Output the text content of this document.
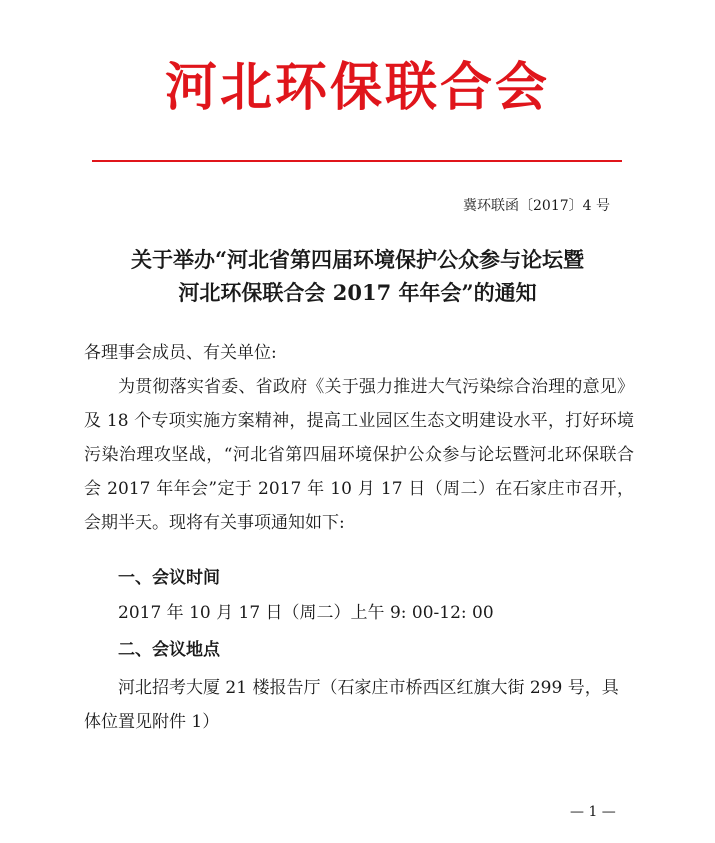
河北环保联合会
冀环联函〔2017〕4 号
关于举办“河北省第四届环境保护公众参与论坛暨
河北环保联合会 2017 年年会”的通知
各理事会成员、有关单位:
为贯彻落实省委、省政府《关于强力推进大气污染综合治理的意见》及 18 个专项实施方案精神，提高工业园区生态文明建设水平，打好环境污染治理攻坚战，“河北省第四届环境保护公众参与论坛暨河北环保联合会 2017 年年会”定于 2017 年 10 月 17 日（周二）在石家庄市召开，会期半天。现将有关事项通知如下:
一、会议时间
2017 年 10 月 17 日（周二）上午 9: 00-12: 00
二、会议地点
河北招考大厦 21 楼报告厅（石家庄市桥西区红旗大街 299 号，具体位置见附件 1）
— 1 —
